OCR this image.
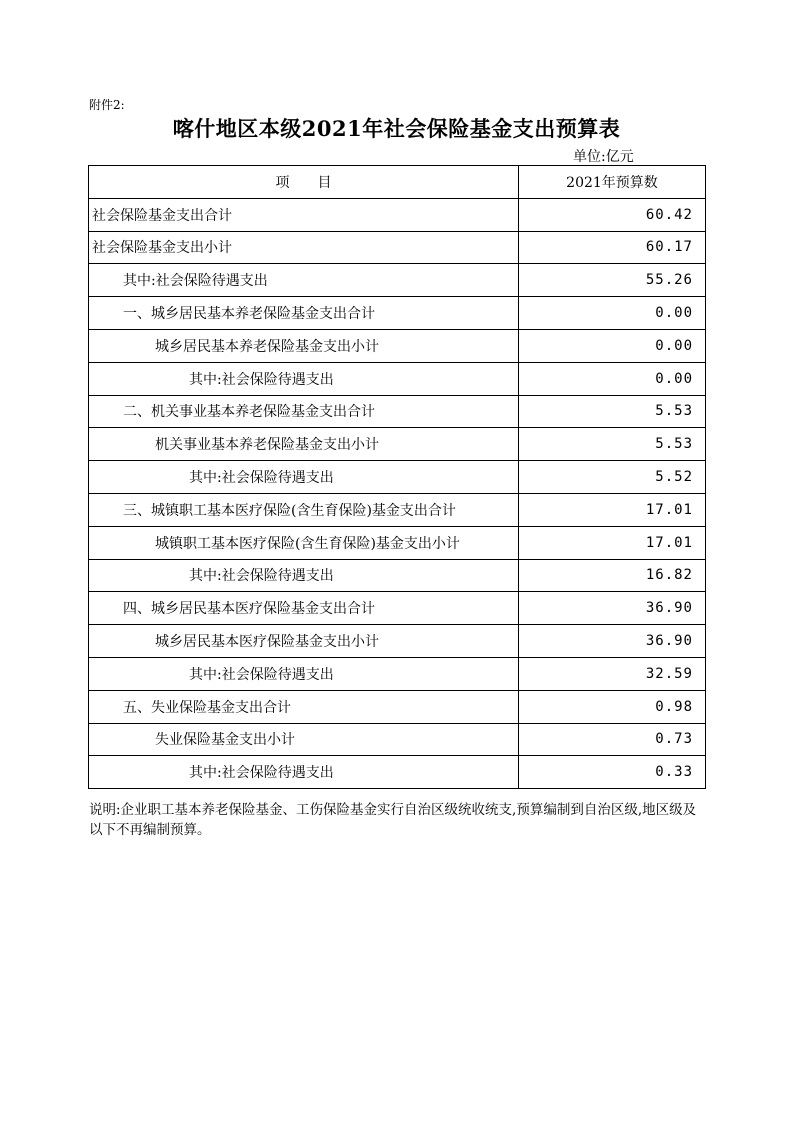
附件2:
喀什地区本级2021年社会保险基金支出预算表
单位:亿元
项　　目	2021年预算数
社会保险基金支出合计	60.42
社会保险基金支出小计	60.17
其中:社会保险待遇支出	55.26
一、城乡居民基本养老保险基金支出合计	0.00
城乡居民基本养老保险基金支出小计	0.00
其中:社会保险待遇支出	0.00
二、机关事业基本养老保险基金支出合计	5.53
机关事业基本养老保险基金支出小计	5.53
其中:社会保险待遇支出	5.52
三、城镇职工基本医疗保险(含生育保险)基金支出合计	17.01
城镇职工基本医疗保险(含生育保险)基金支出小计	17.01
其中:社会保险待遇支出	16.82
四、城乡居民基本医疗保险基金支出合计	36.90
城乡居民基本医疗保险基金支出小计	36.90
其中:社会保险待遇支出	32.59
五、失业保险基金支出合计	0.98
失业保险基金支出小计	0.73
其中:社会保险待遇支出	0.33
说明:企业职工基本养老保险基金、工伤保险基金实行自治区级统收统支,预算编制到自治区级,地区级及以下不再编制预算。
